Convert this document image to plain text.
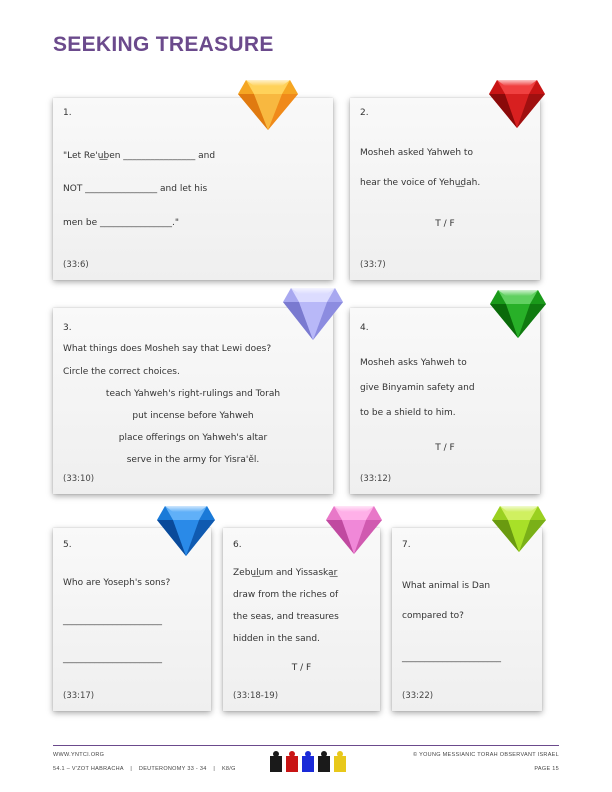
SEEKING TREASURE
1.
"Let Re'u͟ben ________________ and
NOT ________________ and let his
men be ________________."
(33:6)
2.
Mosheh asked Yahweh to
hear the voice of Yehu͟dah.
T / F
(33:7)
3.
What things does Mosheh say that Lewi does?
Circle the correct choices.
teach Yahweh's right-rulings and Torah
put incense before Yahweh
place offerings on Yahweh's altar
serve in the army for Yisra'ěl.
(33:10)
4.
Mosheh asks Yahweh to
give Binyamin safety and
to be a shield to him.
T / F
(33:12)
5.
Who are Yoseph's sons?
______________________
______________________
(33:17)
6.
Zebu͟lum and Yissaska͟r
draw from the riches of
the seas, and treasures
hidden in the sand.
T / F
(33:18-19)
7.
What animal is Dan
compared to?
______________________
(33:22)
WWW.YNTCI.ORG
54.1 – V'ZOT HABRACHA | DEUTERONOMY 33 - 34 | K8/G
© YOUNG MESSIANIC TORAH OBSERVANT ISRAEL
PAGE 15
